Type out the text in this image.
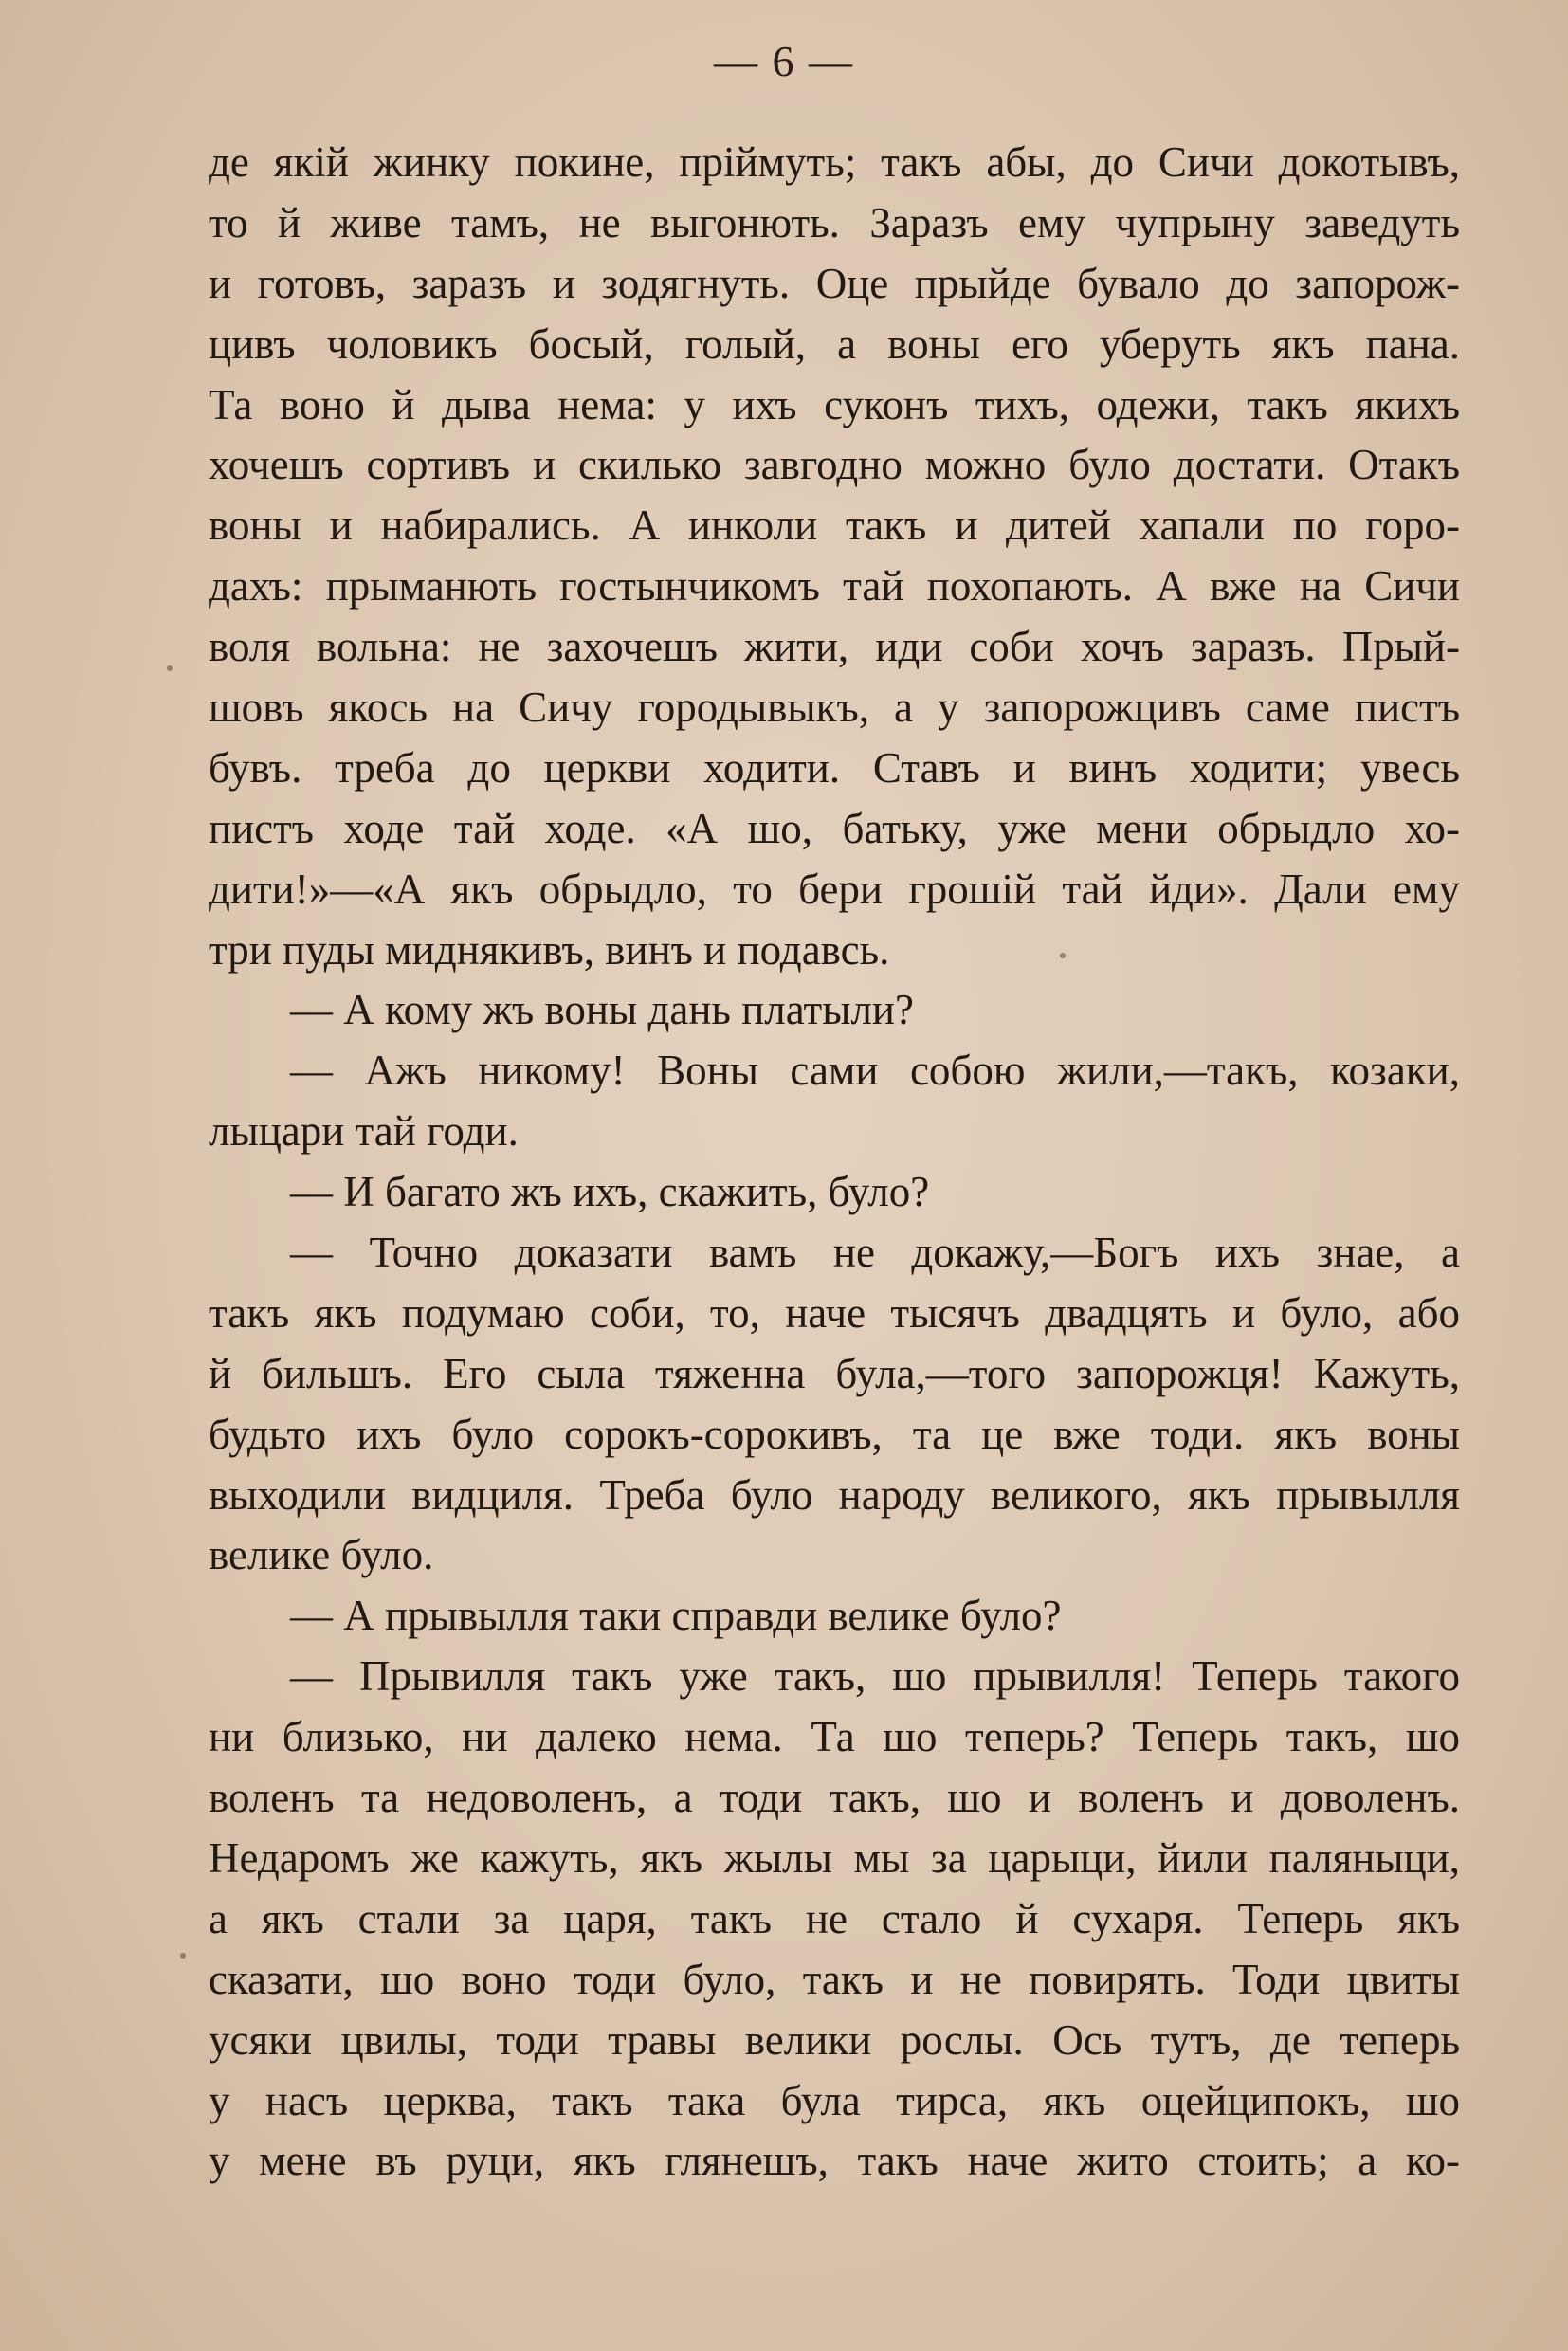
— 6 —
де якій жинку покине, пріймуть; такъ абы, до Сичи докотывъ,
то й живе тамъ, не выгонють. Заразъ ему чупрыну заведуть
и готовъ, заразъ и зодягнуть. Оце прыйде бувало до запорож-
цивъ чоловикъ босый, голый, а воны его уберуть якъ пана.
Та воно й дыва нема: у ихъ суконъ тихъ, одежи, такъ якихъ
хочешъ сортивъ и скилько завгодно можно було достати. Отакъ
воны и набирались. А инколи такъ и дитей хапали по горо-
дахъ: прыманють гостынчикомъ тай похопають. А вже на Сичи
воля вольна: не захочешъ жити, иди соби хочъ заразъ. Прый-
шовъ якось на Сичу городывыкъ, а у запорожцивъ саме пистъ
бувъ. треба до церкви ходити. Ставъ и винъ ходити; увесь
пистъ ходе тай ходе. «А шо, батьку, уже мени обрыдло хо-
дити!»—«А якъ обрыдло, то бери грошій тай йди». Дали ему
три пуды миднякивъ, винъ и подавсь.
— А кому жъ воны дань платыли?
— Ажъ никому! Воны сами собою жили,—такъ, козаки,
лыцари тай годи.
— И багато жъ ихъ, скажить, було?
— Точно доказати вамъ не докажу,—Богъ ихъ знае, а
такъ якъ подумаю соби, то, наче тысячъ двадцять и було, або
й бильшъ. Его сыла тяженна була,—того запорожця! Кажуть,
будьто ихъ було сорокъ-сорокивъ, та це вже тоди. якъ воны
выходили видциля. Треба було народу великого, якъ прывылля
велике було.
— А прывылля таки справди велике було?
— Прывилля такъ уже такъ, шо прывилля! Теперь такого
ни близько, ни далеко нема. Та шо теперь? Теперь такъ, шо
воленъ та недоволенъ, а тоди такъ, шо и воленъ и доволенъ.
Недаромъ же кажуть, якъ жылы мы за царыци, йили паляныци,
а якъ стали за царя, такъ не стало й сухаря. Теперь якъ
сказати, шо воно тоди було, такъ и не повирять. Тоди цвиты
усяки цвилы, тоди травы велики рослы. Ось тутъ, де теперь
у насъ церква, такъ така була тирса, якъ оцейципокъ, шо
у мене въ руци, якъ глянешъ, такъ наче жито стоить; а ко-
